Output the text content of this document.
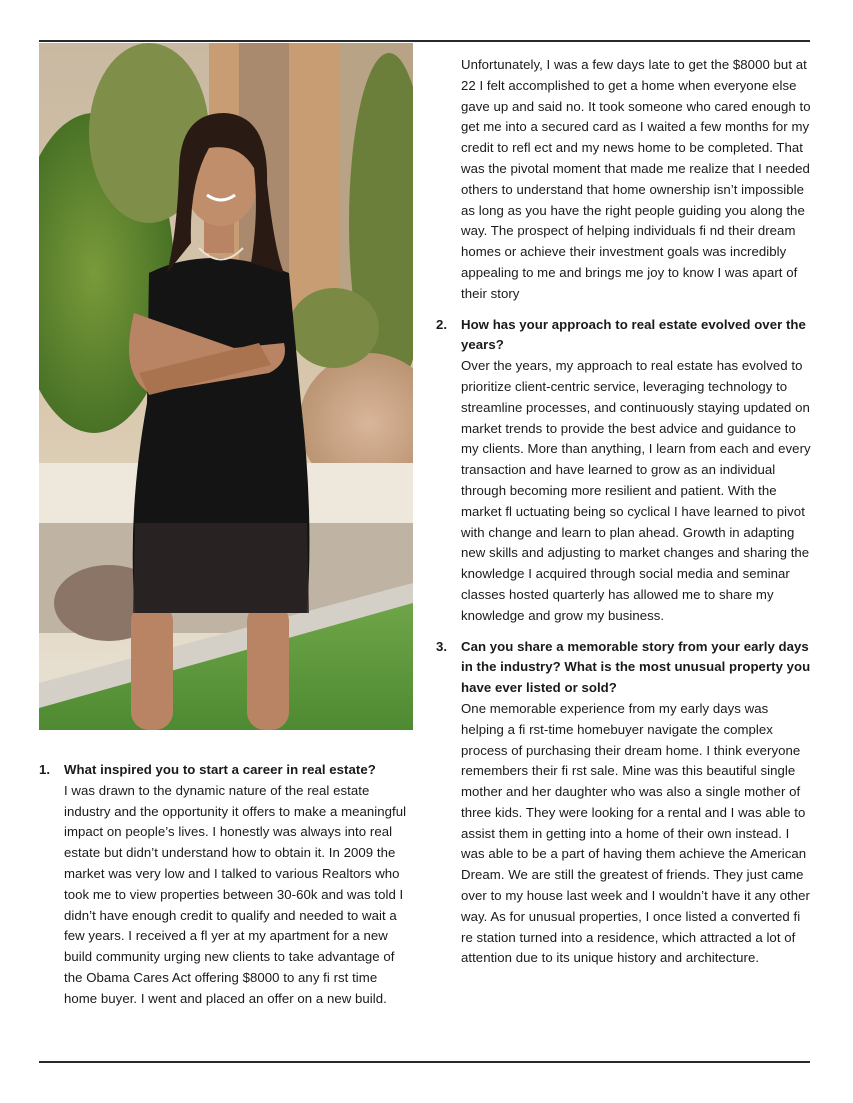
1.	What inspired you to start a career in real estate?
I was drawn to the dynamic nature of the real estate industry and the opportunity it offers to make a meaningful impact on people’s lives. I honestly was always into real estate but didn’t understand how to obtain it. In 2009 the market was very low and I talked to various Realtors who took me to view properties between 30-60k and was told I didn’t have enough credit to qualify and needed to wait a few years. I received a fl yer at my apartment for a new build community urging new clients to take advantage of the Obama Cares Act offering $8000 to any fi rst time home buyer. I went and placed an offer on a new build.
Unfortunately, I was a few days late to get the $8000 but at 22 I felt accomplished to get a home when everyone else gave up and said no. It took someone who cared enough to get me into a secured card as I waited a few months for my credit to refl ect and my news home to be completed. That was the pivotal moment that made me realize that I needed others to understand that home ownership isn’t impossible as long as you have the right people guiding you along the way. The prospect of helping individuals fi nd their dream homes or achieve their investment goals was incredibly appealing to me and brings me joy to know I was apart of their story
2.	How has your approach to real estate evolved over the years?
Over the years, my approach to real estate has evolved to prioritize client-centric service, leveraging technology to streamline processes, and continuously staying updated on market trends to provide the best advice and guidance to my clients. More than anything, I learn from each and every transaction and have learned to grow as an individual through becoming more resilient and patient. With the market fl uctuating being so cyclical I have learned to pivot with change and learn to plan ahead. Growth in adapting new skills and adjusting to market changes and sharing the knowledge I acquired through social media and seminar classes hosted quarterly has allowed me to share my knowledge and grow my business.
3.	Can you share a memorable story from your early days in the industry? What is the most unusual property you have ever listed or sold?
One memorable experience from my early days was helping a fi rst-time homebuyer navigate the complex process of purchasing their dream home. I think everyone remembers their fi rst sale. Mine was this beautiful single mother and her daughter who was also a single mother of three kids. They were looking for a rental and I was able to assist them in getting into a home of their own instead. I was able to be a part of having them achieve the American Dream. We are still the greatest of friends. They just came over to my house last week and I wouldn’t have it any other way. As for unusual properties, I once listed a converted fi re station turned into a residence, which attracted a lot of attention due to its unique history and architecture.
